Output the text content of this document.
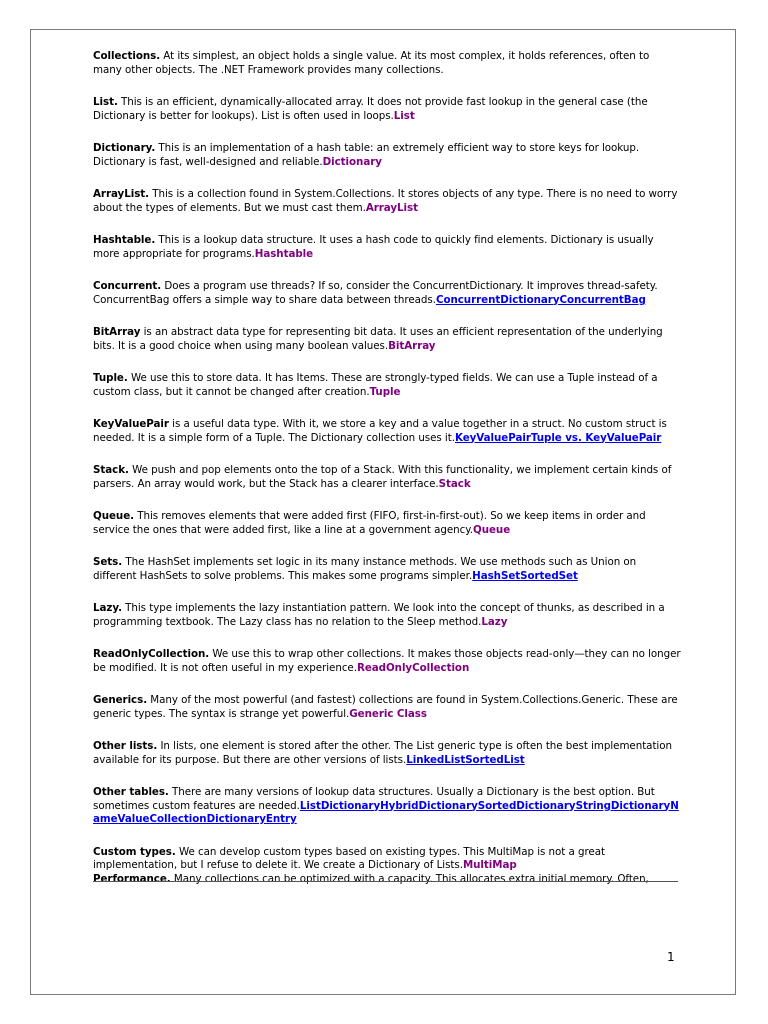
Collections. At its simplest, an object holds a single value. At its most complex, it holds references, often to many other objects. The .NET Framework provides many collections.

List. This is an efficient, dynamically-allocated array. It does not provide fast lookup in the general case (the Dictionary is better for lookups). List is often used in loops.List

Dictionary. This is an implementation of a hash table: an extremely efficient way to store keys for lookup. Dictionary is fast, well-designed and reliable.Dictionary

ArrayList. This is a collection found in System.Collections. It stores objects of any type. There is no need to worry about the types of elements. But we must cast them.ArrayList

Hashtable. This is a lookup data structure. It uses a hash code to quickly find elements. Dictionary is usually more appropriate for programs.Hashtable

Concurrent. Does a program use threads? If so, consider the ConcurrentDictionary. It improves thread-safety. ConcurrentBag offers a simple way to share data between threads.ConcurrentDictionaryConcurrentBag

BitArray is an abstract data type for representing bit data. It uses an efficient representation of the underlying bits. It is a good choice when using many boolean values.BitArray

Tuple. We use this to store data. It has Items. These are strongly-typed fields. We can use a Tuple instead of a custom class, but it cannot be changed after creation.Tuple

KeyValuePair is a useful data type. With it, we store a key and a value together in a struct. No custom struct is needed. It is a simple form of a Tuple. The Dictionary collection uses it.KeyValuePairTuple vs. KeyValuePair

Stack. We push and pop elements onto the top of a Stack. With this functionality, we implement certain kinds of parsers. An array would work, but the Stack has a clearer interface.Stack

Queue. This removes elements that were added first (FIFO, first-in-first-out). So we keep items in order and service the ones that were added first, like a line at a government agency.Queue

Sets. The HashSet implements set logic in its many instance methods. We use methods such as Union on different HashSets to solve problems. This makes some programs simpler.HashSetSortedSet

Lazy. This type implements the lazy instantiation pattern. We look into the concept of thunks, as described in a programming textbook. The Lazy class has no relation to the Sleep method.Lazy

ReadOnlyCollection. We use this to wrap other collections. It makes those objects read-only—they can no longer be modified. It is not often useful in my experience.ReadOnlyCollection

Generics. Many of the most powerful (and fastest) collections are found in System.Collections.Generic. These are generic types. The syntax is strange yet powerful.Generic Class

Other lists. In lists, one element is stored after the other. The List generic type is often the best implementation available for its purpose. But there are other versions of lists.LinkedListSortedList

Other tables. There are many versions of lookup data structures. Usually a Dictionary is the best option. But sometimes custom features are needed.ListDictionaryHybridDictionarySortedDictionaryStringDictionaryNameValueCollectionDictionaryEntry

Custom types. We can develop custom types based on existing types. This MultiMap is not a great implementation, but I refuse to delete it. We create a Dictionary of Lists.MultiMap

Performance. Many collections can be optimized with a capacity. This allocates extra initial memory. Often,

1
